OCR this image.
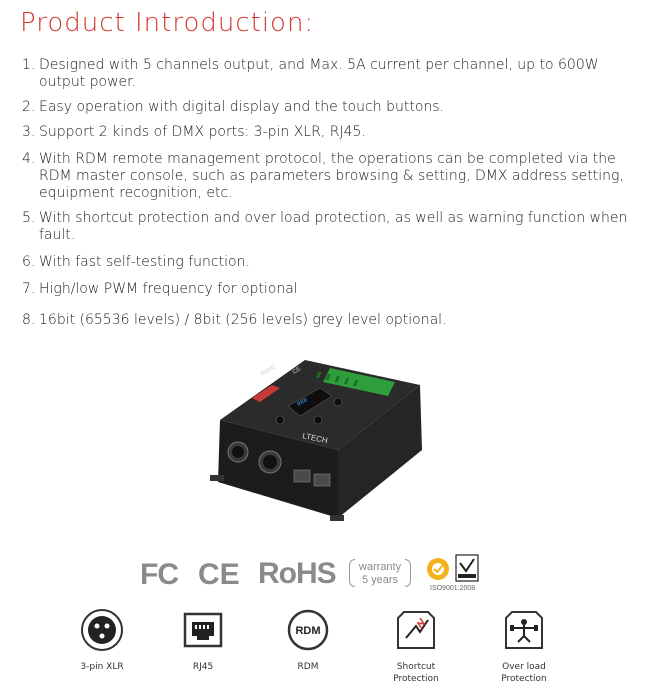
Product Introduction:
1. Designed with 5 channels output, and Max. 5A current per channel, up to 600W output power.
2. Easy operation with digital display and the touch buttons.
3. Support 2 kinds of DMX ports: 3-pin XLR, RJ45.
4. With RDM remote management protocol, the operations can be completed via the RDM master console, such as parameters browsing & setting, DMX address setting, equipment recognition, etc.
5. With shortcut protection and over load protection, as well as warning function when fault.
6. With fast self-testing function.
7. High/low PWM frequency for optional
8. 16bit (65536 levels) / 8bit (256 levels) grey level optional.
888
LTECH
RoHS	CE
FC CE RoHS	warranty
5 years
ISO9001:2008
3-pin XLR	RJ45
RDM
RDM	Shortcut Protection
Over load Protection
